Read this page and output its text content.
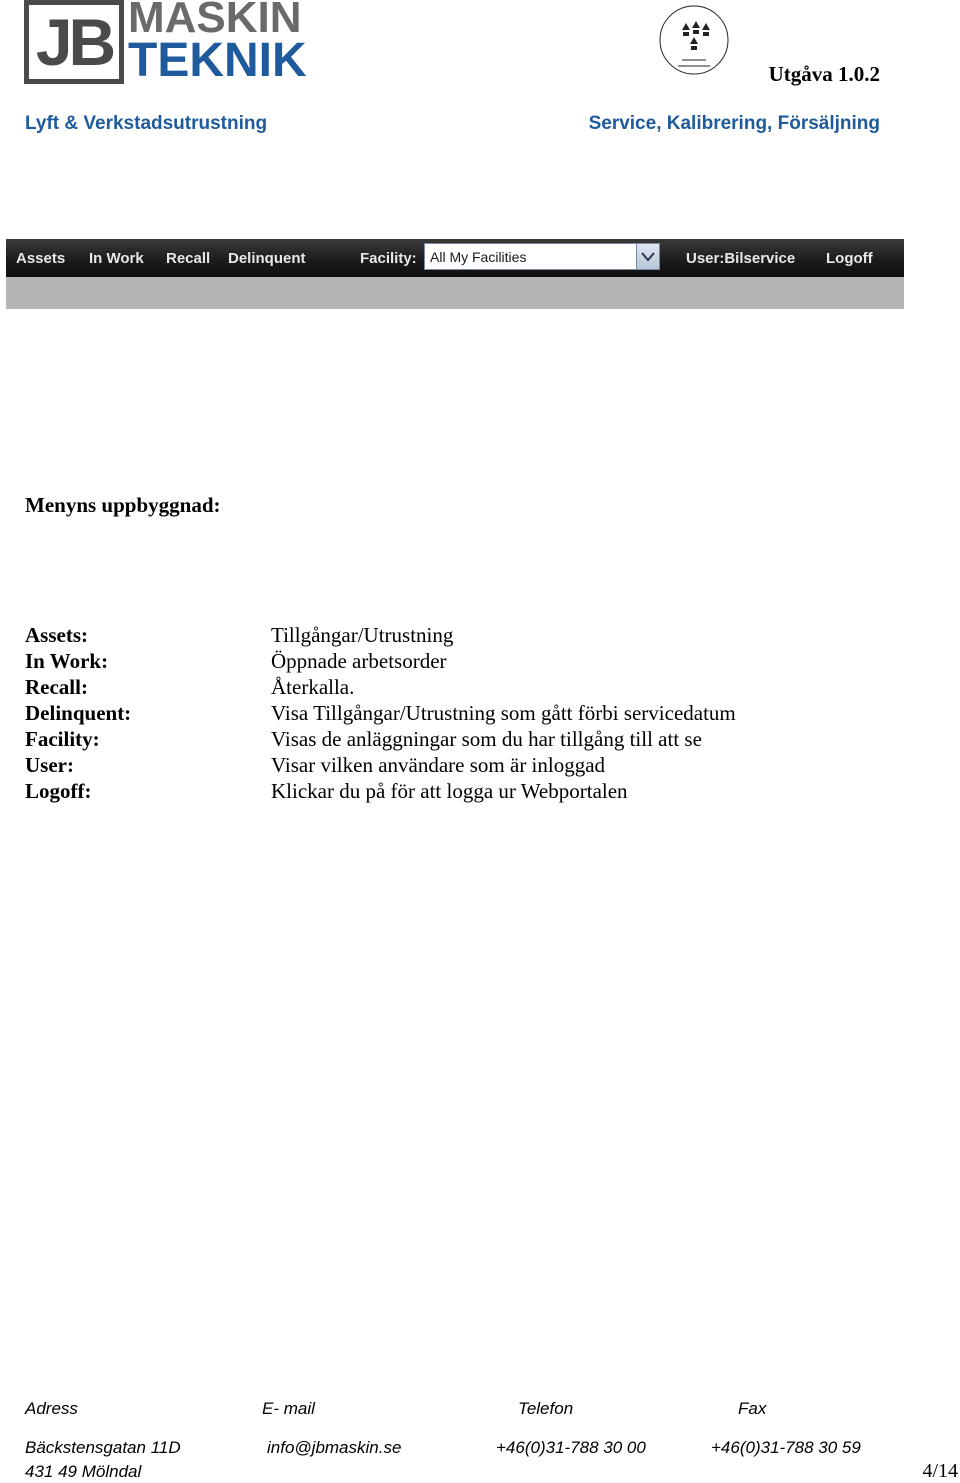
JB MASKIN
TEKNIK	Utgåva 1.0.2
Lyft & Verkstadsutrustning	Service, Kalibrering, Försäljning
Assets In Work Recall Delinquent	Facility: All My Facilities	User:Bilservice Logoff
Menyns uppbyggnad:
Assets:	Tillgångar/Utrustning
In Work:	Öppnade arbetsorder
Recall:	Återkalla.
Delinquent:	Visa Tillgångar/Utrustning som gått förbi servicedatum
Facility:	Visas de anläggningar som du har tillgång till att se
User:	Visar vilken användare som är inloggad
Logoff:	Klickar du på för att logga ur Webportalen
Adress	E- mail	Telefon	Fax
Bäckstensgatan 11D	info@jbmaskin.se	+46(0)31-788 30 00	+46(0)31-788 30 59
431 49 Mölndal	4/14
